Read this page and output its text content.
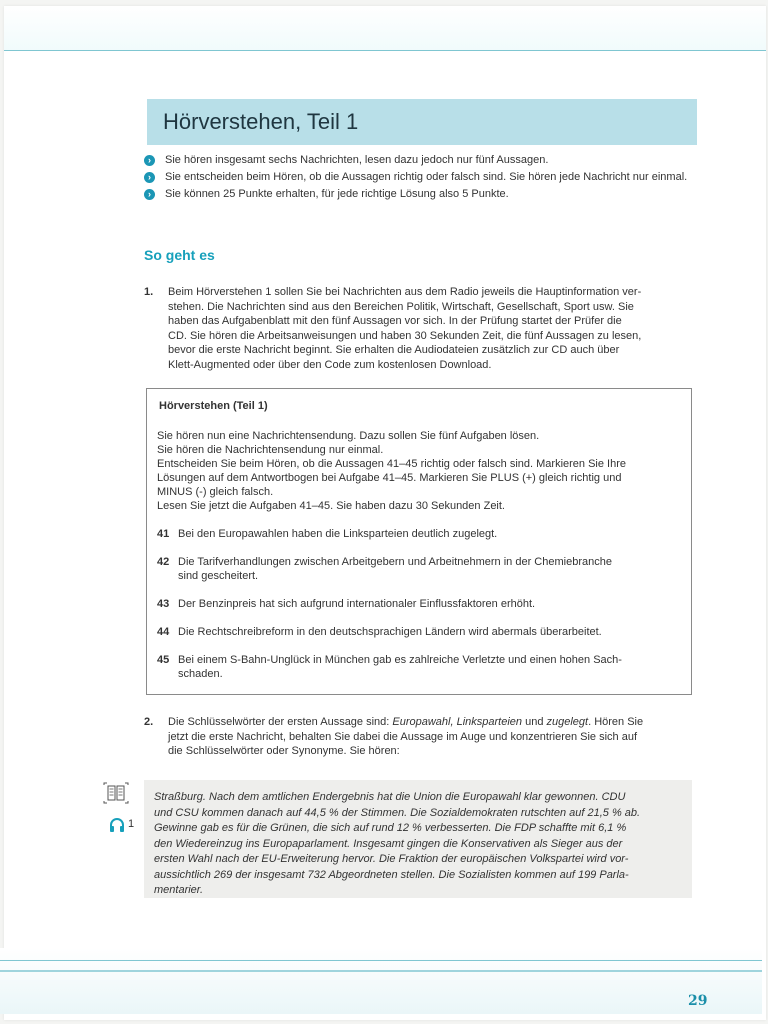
Hörverstehen, Teil 1
›	Sie hören insgesamt sechs Nachrichten, lesen dazu jedoch nur fünf Aussagen.
›	Sie entscheiden beim Hören, ob die Aussagen richtig oder falsch sind. Sie hören jede Nachricht nur einmal.
›	Sie können 25 Punkte erhalten, für jede richtige Lösung also 5 Punkte.
So geht es
1. Beim Hörverstehen 1 sollen Sie bei Nachrichten aus dem Radio jeweils die Hauptinformation ver-
stehen. Die Nachrichten sind aus den Bereichen Politik, Wirtschaft, Gesellschaft, Sport usw. Sie
haben das Aufgabenblatt mit den fünf Aussagen vor sich. In der Prüfung startet der Prüfer die
CD. Sie hören die Arbeitsanweisungen und haben 30 Sekunden Zeit, die fünf Aussagen zu lesen,
bevor die erste Nachricht beginnt. Sie erhalten die Audiodateien zusätzlich zur CD auch über
Klett-Augmented oder über den Code zum kostenlosen Download.
Hörverstehen (Teil 1)
Sie hören nun eine Nachrichtensendung. Dazu sollen Sie fünf Aufgaben lösen.
Sie hören die Nachrichtensendung nur einmal.
Entscheiden Sie beim Hören, ob die Aussagen 41–45 richtig oder falsch sind. Markieren Sie Ihre
Lösungen auf dem Antwortbogen bei Aufgabe 41–45. Markieren Sie PLUS (+) gleich richtig und
MINUS (-) gleich falsch.
Lesen Sie jetzt die Aufgaben 41–45. Sie haben dazu 30 Sekunden Zeit.
41 Bei den Europawahlen haben die Linksparteien deutlich zugelegt.
42 Die Tarifverhandlungen zwischen Arbeitgebern und Arbeitnehmern in der Chemiebranche
sind gescheitert.
43 Der Benzinpreis hat sich aufgrund internationaler Einflussfaktoren erhöht.
44 Die Rechtschreibreform in den deutschsprachigen Ländern wird abermals überarbeitet.
45 Bei einem S-Bahn-Unglück in München gab es zahlreiche Verletzte und einen hohen Sach-
schaden.
2. Die Schlüsselwörter der ersten Aussage sind: Europawahl, Linksparteien und zugelegt. Hören Sie
jetzt die erste Nachricht, behalten Sie dabei die Aussage im Auge und konzentrieren Sie sich auf
die Schlüsselwörter oder Synonyme. Sie hören:
1
Straßburg. Nach dem amtlichen Endergebnis hat die Union die Europawahl klar gewonnen. CDU
und CSU kommen danach auf 44,5 % der Stimmen. Die Sozialdemokraten rutschten auf 21,5 % ab.
Gewinne gab es für die Grünen, die sich auf rund 12 % verbesserten. Die FDP schaffte mit 6,1 %
den Wiedereinzug ins Europaparlament. Insgesamt gingen die Konservativen als Sieger aus der
ersten Wahl nach der EU-Erweiterung hervor. Die Fraktion der europäischen Volkspartei wird vor-
aussichtlich 269 der insgesamt 732 Abgeordneten stellen. Die Sozialisten kommen auf 199 Parla-
mentarier.
29
